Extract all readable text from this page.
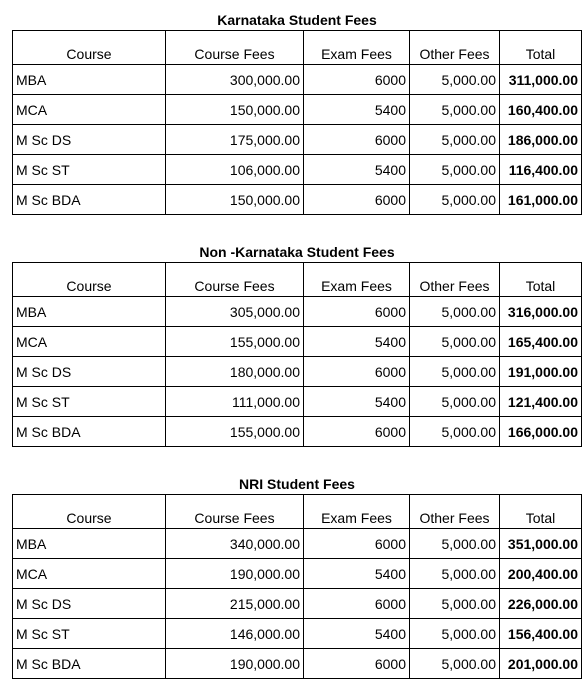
Karnataka Student Fees
Course	Course Fees	Exam Fees	Other Fees	Total
MBA	300,000.00	6000	5,000.00	311,000.00
MCA	150,000.00	5400	5,000.00	160,400.00
M Sc DS	175,000.00	6000	5,000.00	186,000.00
M Sc ST	106,000.00	5400	5,000.00	116,400.00
M Sc BDA	150,000.00	6000	5,000.00	161,000.00
Non -Karnataka Student Fees
Course	Course Fees	Exam Fees	Other Fees	Total
MBA	305,000.00	6000	5,000.00	316,000.00
MCA	155,000.00	5400	5,000.00	165,400.00
M Sc DS	180,000.00	6000	5,000.00	191,000.00
M Sc ST	111,000.00	5400	5,000.00	121,400.00
M Sc BDA	155,000.00	6000	5,000.00	166,000.00
NRI Student Fees
Course	Course Fees	Exam Fees	Other Fees	Total
MBA	340,000.00	6000	5,000.00	351,000.00
MCA	190,000.00	5400	5,000.00	200,400.00
M Sc DS	215,000.00	6000	5,000.00	226,000.00
M Sc ST	146,000.00	5400	5,000.00	156,400.00
M Sc BDA	190,000.00	6000	5,000.00	201,000.00
